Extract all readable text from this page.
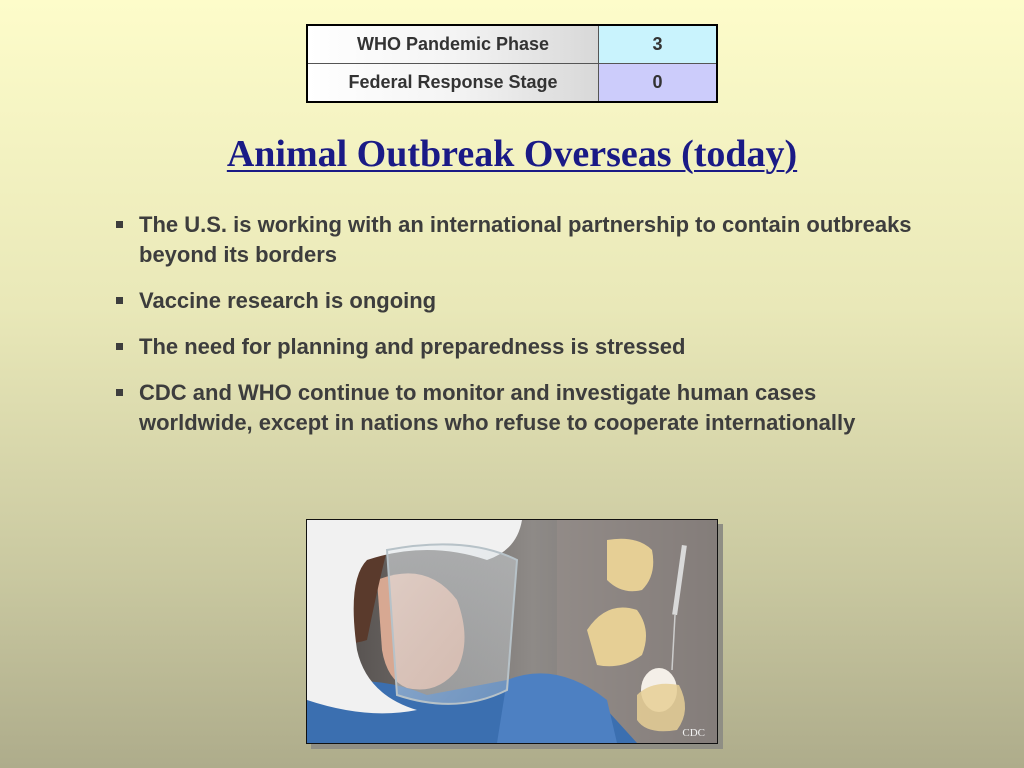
WHO Pandemic Phase	3
Federal Response Stage	0
Animal Outbreak Overseas (today)
The U.S. is working with an international partnership to contain outbreaks beyond its borders
Vaccine research is ongoing
The need for planning and preparedness is stressed
CDC and WHO continue to monitor and investigate human cases worldwide, except in nations who refuse to cooperate internationally
CDC
